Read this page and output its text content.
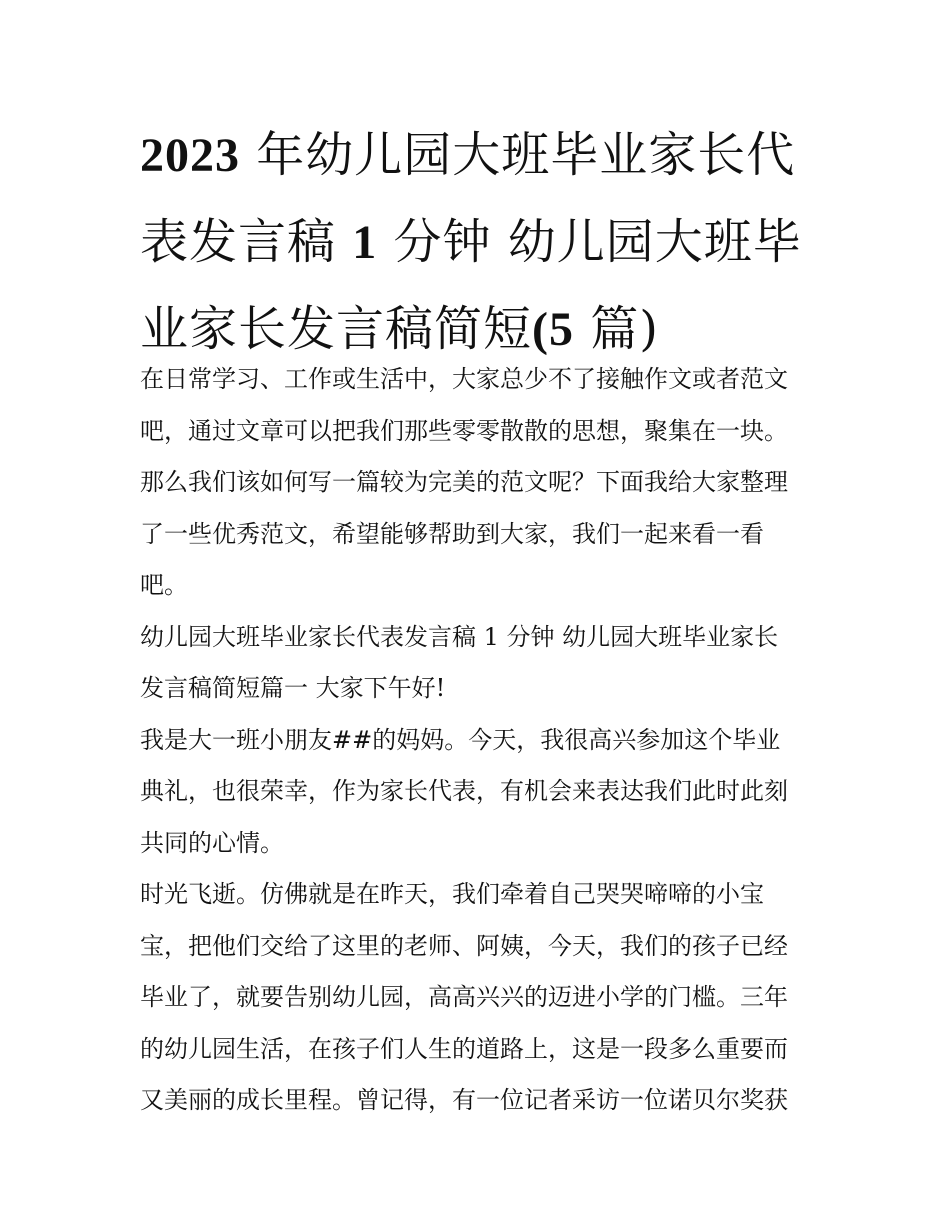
2023 年幼儿园大班毕业家长代
表发言稿 1 分钟 幼儿园大班毕
业家长发言稿简短(5 篇)
在日常学习、工作或生活中，大家总少不了接触作文或者范文
吧，通过文章可以把我们那些零零散散的思想，聚集在一块。
那么我们该如何写一篇较为完美的范文呢？下面我给大家整理
了一些优秀范文，希望能够帮助到大家，我们一起来看一看
吧。
幼儿园大班毕业家长代表发言稿 1 分钟 幼儿园大班毕业家长
发言稿简短篇一 大家下午好!
我是大一班小朋友##的妈妈。今天，我很高兴参加这个毕业
典礼，也很荣幸，作为家长代表，有机会来表达我们此时此刻
共同的心情。
时光飞逝。仿佛就是在昨天，我们牵着自己哭哭啼啼的小宝
宝，把他们交给了这里的老师、阿姨，今天，我们的孩子已经
毕业了，就要告别幼儿园，高高兴兴的迈进小学的门槛。三年
的幼儿园生活，在孩子们人生的道路上，这是一段多么重要而
又美丽的成长里程。曾记得，有一位记者采访一位诺贝尔奖获
